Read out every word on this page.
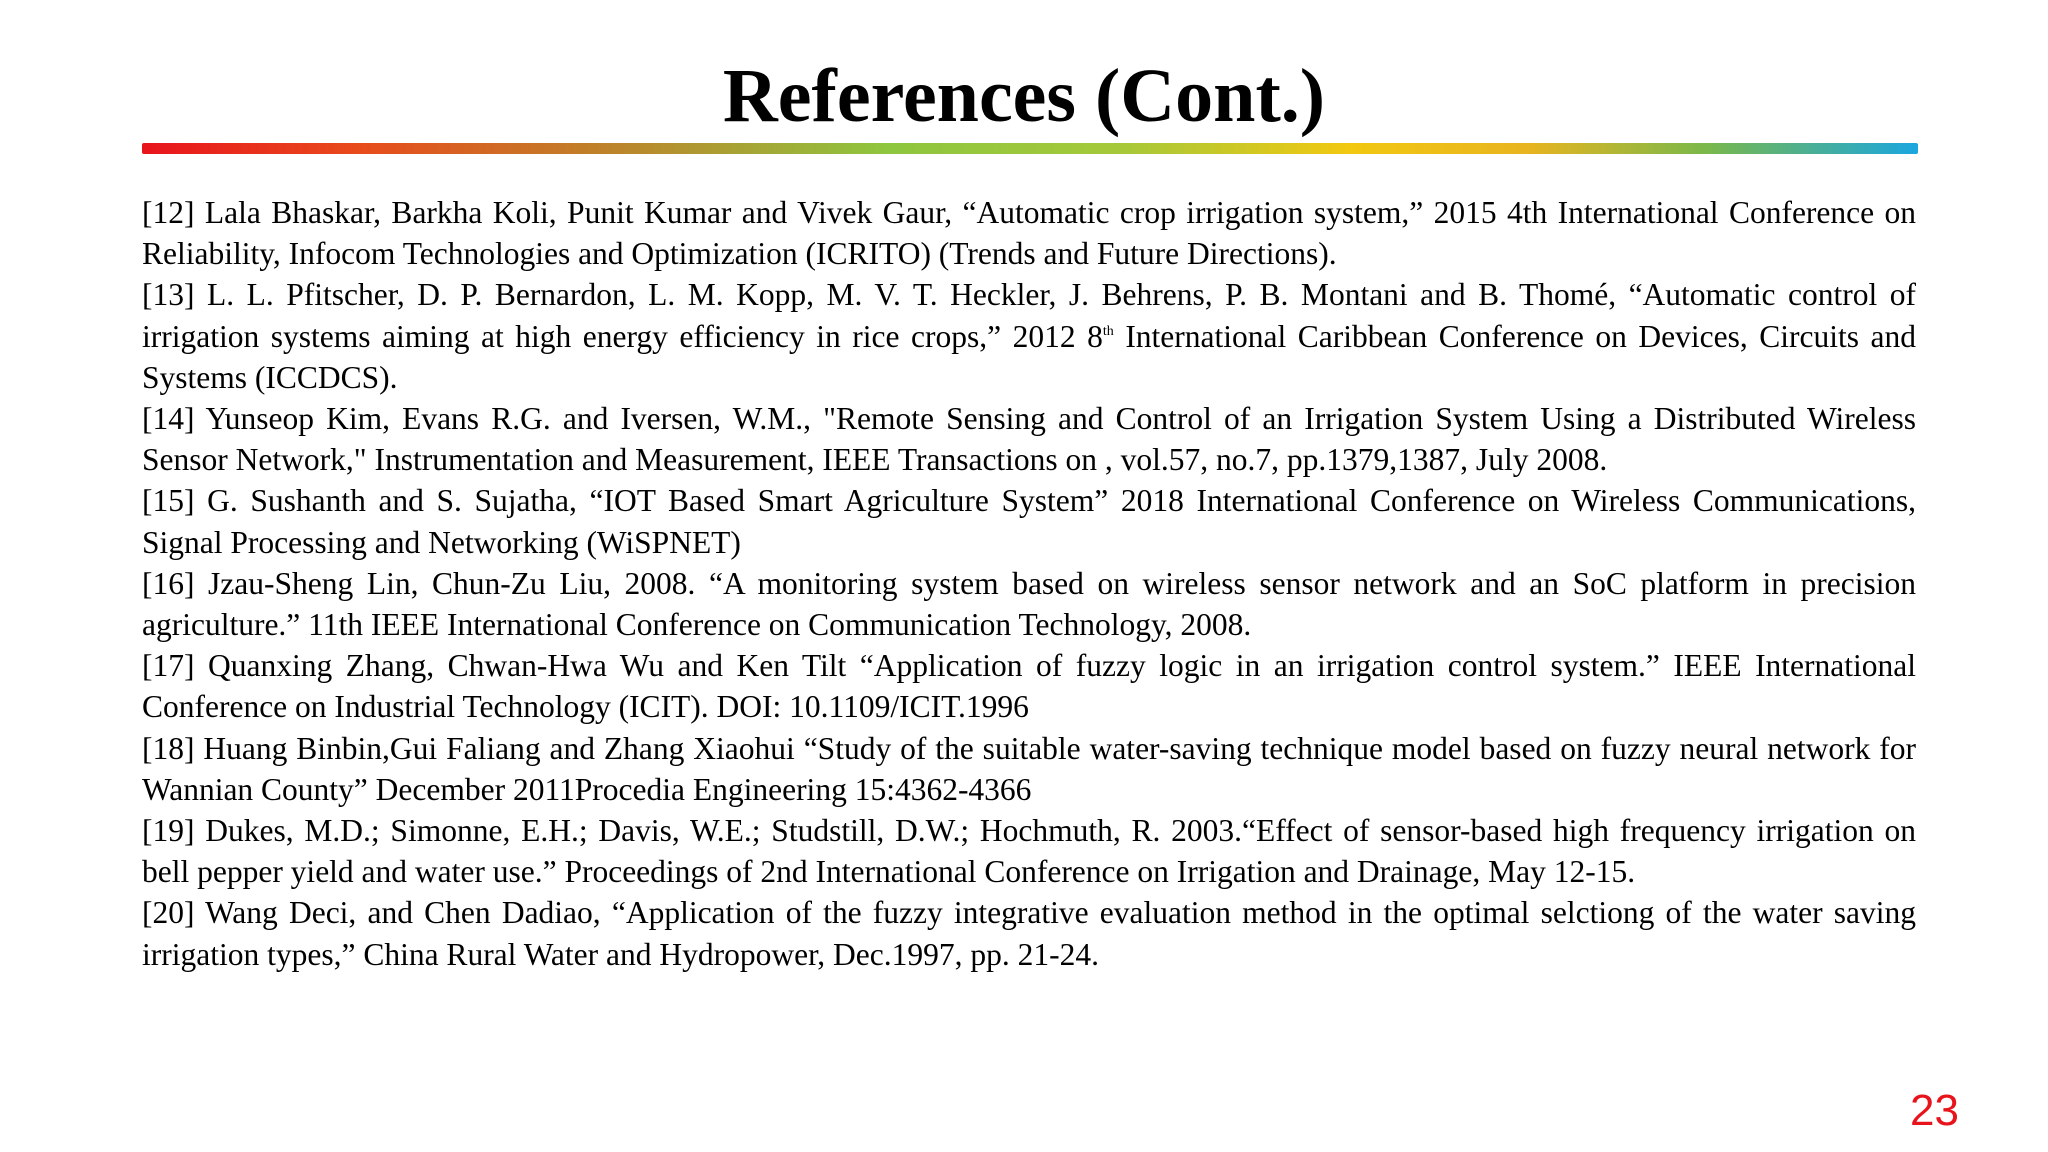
References (Cont.)

[12] Lala Bhaskar, Barkha Koli, Punit Kumar and Vivek Gaur, “Automatic crop irrigation system,” 2015 4th International Conference on Reliability, Infocom Technologies and Optimization (ICRITO) (Trends and Future Directions).

[13] L. L. Pfitscher, D. P. Bernardon, L. M. Kopp, M. V. T. Heckler, J. Behrens, P. B. Montani and B. Thomé, “Automatic control of irrigation systems aiming at high energy efficiency in rice crops,” 2012 8th International Caribbean Conference on Devices, Circuits and Systems (ICCDCS).

[14] Yunseop Kim, Evans R.G. and Iversen, W.M., "Remote Sensing and Control of an Irrigation System Using a Distributed Wireless Sensor Network," Instrumentation and Measurement, IEEE Transactions on , vol.57, no.7, pp.1379,1387, July 2008.

[15] G. Sushanth and S. Sujatha, “IOT Based Smart Agriculture System” 2018 International Conference on Wireless Communications, Signal Processing and Networking (WiSPNET)

[16] Jzau-Sheng Lin, Chun-Zu Liu, 2008. “A monitoring system based on wireless sensor network and an SoC platform in precision agriculture.” 11th IEEE International Conference on Communication Technology, 2008.

[17] Quanxing Zhang, Chwan-Hwa Wu and Ken Tilt “Application of fuzzy logic in an irrigation control system.” IEEE International Conference on Industrial Technology (ICIT). DOI: 10.1109/ICIT.1996

[18] Huang Binbin,Gui Faliang and Zhang Xiaohui “Study of the suitable water-saving technique model based on fuzzy neural network for Wannian County” December 2011Procedia Engineering 15:4362-4366

[19] Dukes, M.D.; Simonne, E.H.; Davis, W.E.; Studstill, D.W.; Hochmuth, R. 2003.“Effect of sensor-based high frequency irrigation on bell pepper yield and water use.” Proceedings of 2nd International Conference on Irrigation and Drainage, May 12-15.

[20] Wang Deci, and Chen Dadiao, “Application of the fuzzy integrative evaluation method in the optimal selctiong of the water saving irrigation types,” China Rural Water and Hydropower, Dec.1997, pp. 21-24.

23
